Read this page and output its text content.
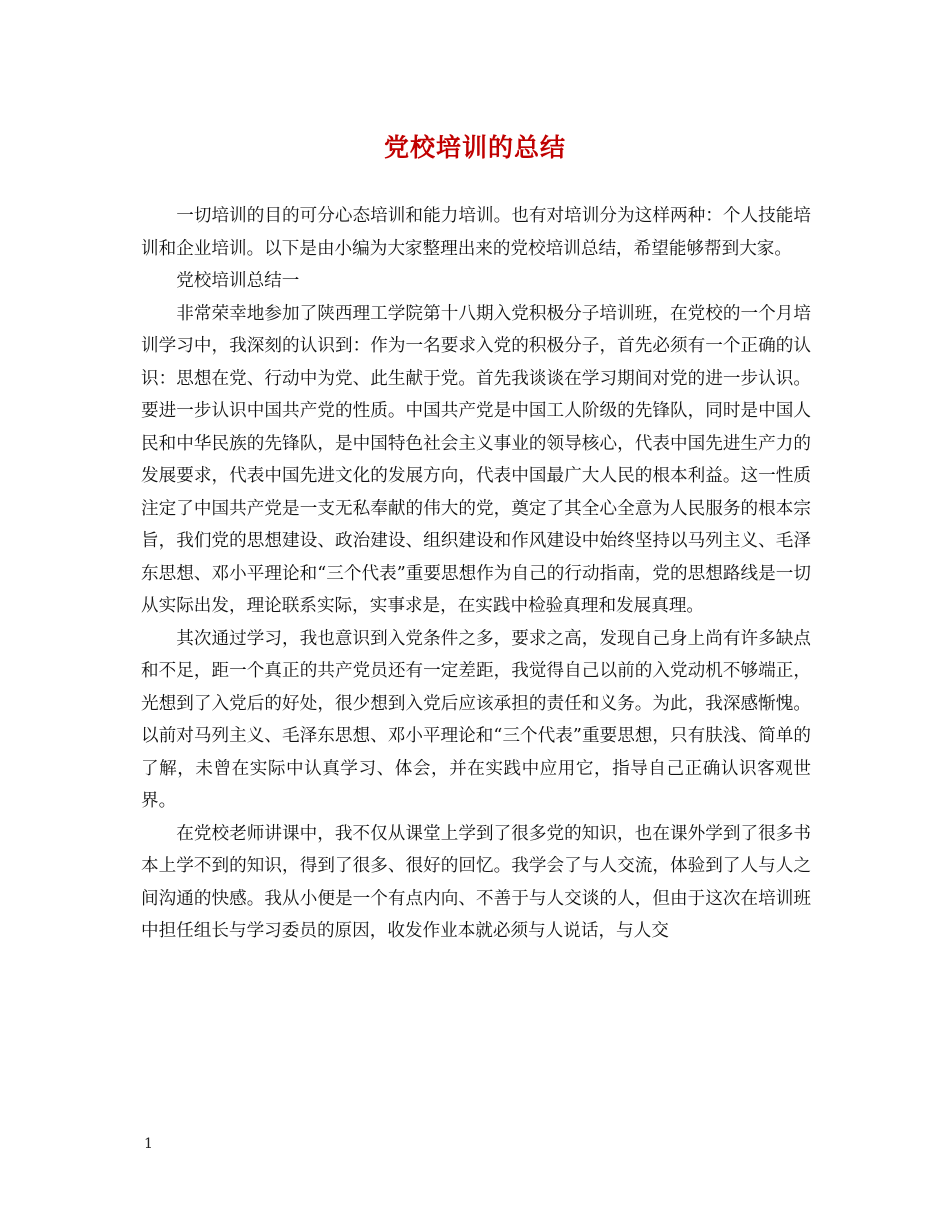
党校培训的总结

一切培训的目的可分心态培训和能力培训。也有对培训分为这样两种：个人技能培训和企业培训。以下是由小编为大家整理出来的党校培训总结，希望能够帮到大家。

党校培训总结一

非常荣幸地参加了陕西理工学院第十八期入党积极分子培训班，在党校的一个月培训学习中，我深刻的认识到：作为一名要求入党的积极分子，首先必须有一个正确的认识：思想在党、行动中为党、此生献于党。首先我谈谈在学习期间对党的进一步认识。要进一步认识中国共产党的性质。中国共产党是中国工人阶级的先锋队，同时是中国人民和中华民族的先锋队，是中国特色社会主义事业的领导核心，代表中国先进生产力的发展要求，代表中国先进文化的发展方向，代表中国最广大人民的根本利益。这一性质注定了中国共产党是一支无私奉献的伟大的党，奠定了其全心全意为人民服务的根本宗旨，我们党的思想建设、政治建设、组织建设和作风建设中始终坚持以马列主义、毛泽东思想、邓小平理论和“三个代表”重要思想作为自己的行动指南，党的思想路线是一切从实际出发，理论联系实际，实事求是，在实践中检验真理和发展真理。

其次通过学习，我也意识到入党条件之多，要求之高，发现自己身上尚有许多缺点和不足，距一个真正的共产党员还有一定差距，我觉得自己以前的入党动机不够端正，光想到了入党后的好处，很少想到入党后应该承担的责任和义务。为此，我深感惭愧。以前对马列主义、毛泽东思想、邓小平理论和“三个代表”重要思想，只有肤浅、简单的了解，未曾在实际中认真学习、体会，并在实践中应用它，指导自己正确认识客观世界。

在党校老师讲课中，我不仅从课堂上学到了很多党的知识，也在课外学到了很多书本上学不到的知识，得到了很多、很好的回忆。我学会了与人交流，体验到了人与人之间沟通的快感。我从小便是一个有点内向、不善于与人交谈的人，但由于这次在培训班中担任组长与学习委员的原因，收发作业本就必须与人说话，与人交

1
